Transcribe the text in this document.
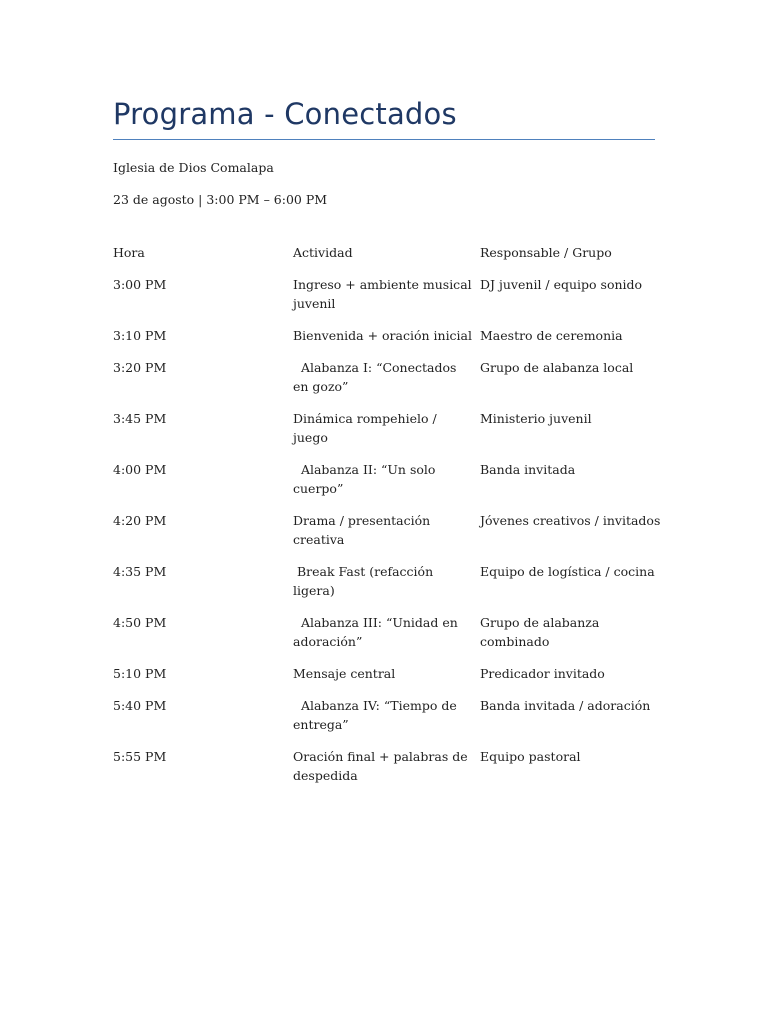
Programa - Conectados
Iglesia de Dios Comalapa
23 de agosto | 3:00 PM – 6:00 PM
Hora	Actividad	Responsable / Grupo
3:00 PM	Ingreso + ambiente musical juvenil	DJ juvenil / equipo sonido
3:10 PM	Bienvenida + oración inicial	Maestro de ceremonia
3:20 PM	Alabanza I: “Conectados en gozo”	Grupo de alabanza local
3:45 PM	Dinámica rompehielo / juego	Ministerio juvenil
4:00 PM	Alabanza II: “Un solo cuerpo”	Banda invitada
4:20 PM	Drama / presentación creativa	Jóvenes creativos / invitados
4:35 PM	Break Fast (refacción ligera)	Equipo de logística / cocina
4:50 PM	Alabanza III: “Unidad en adoración”	Grupo de alabanza combinado
5:10 PM	Mensaje central	Predicador invitado
5:40 PM	Alabanza IV: “Tiempo de entrega”	Banda invitada / adoración
5:55 PM	Oración final + palabras de despedida	Equipo pastoral
